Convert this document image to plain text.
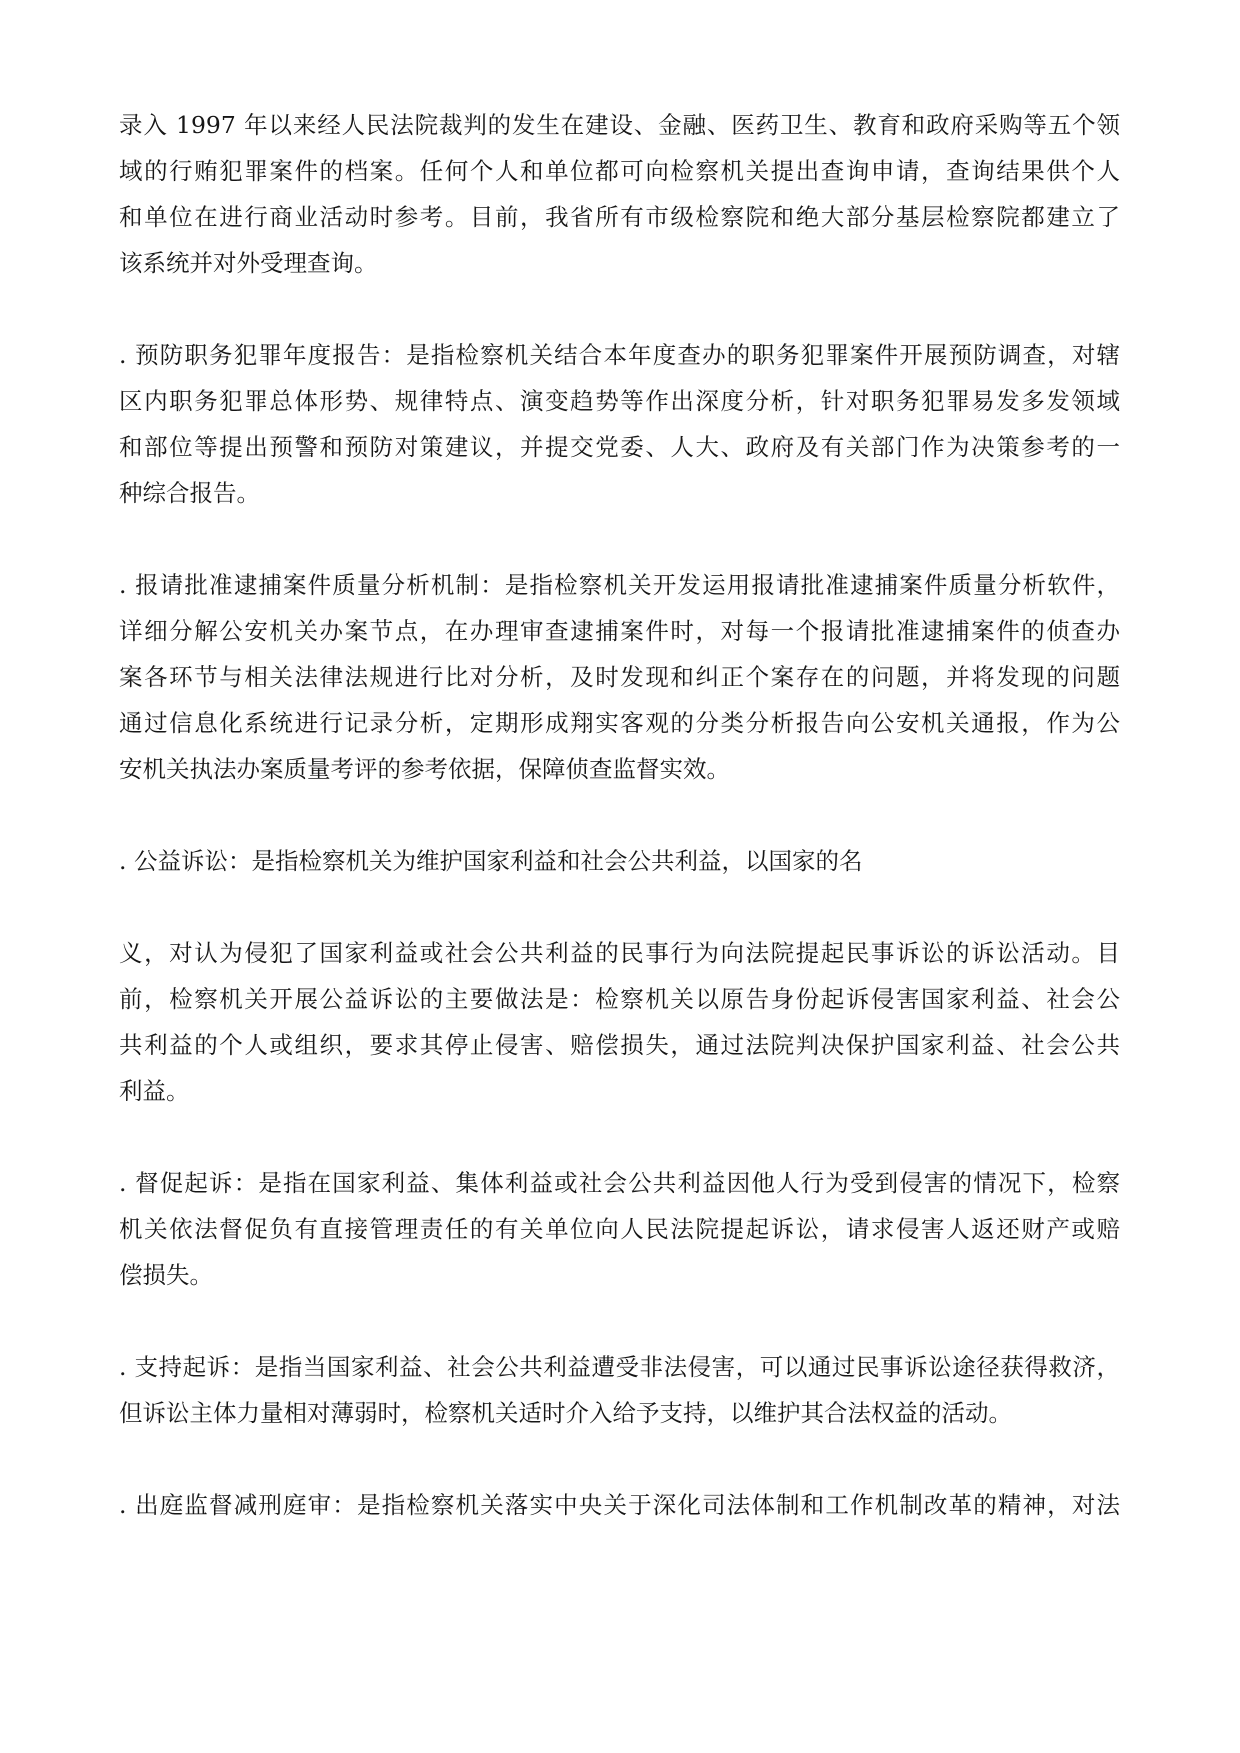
录入 1997 年以来经人民法院裁判的发生在建设、金融、医药卫生、教育和政府采购等五个领
域的行贿犯罪案件的档案。任何个人和单位都可向检察机关提出查询申请，查询结果供个人
和单位在进行商业活动时参考。目前，我省所有市级检察院和绝大部分基层检察院都建立了
该系统并对外受理查询。
. 预防职务犯罪年度报告：是指检察机关结合本年度查办的职务犯罪案件开展预防调查，对辖
区内职务犯罪总体形势、规律特点、演变趋势等作出深度分析，针对职务犯罪易发多发领域
和部位等提出预警和预防对策建议，并提交党委、人大、政府及有关部门作为决策参考的一
种综合报告。
. 报请批准逮捕案件质量分析机制：是指检察机关开发运用报请批准逮捕案件质量分析软件，
详细分解公安机关办案节点，在办理审查逮捕案件时，对每一个报请批准逮捕案件的侦查办
案各环节与相关法律法规进行比对分析，及时发现和纠正个案存在的问题，并将发现的问题
通过信息化系统进行记录分析，定期形成翔实客观的分类分析报告向公安机关通报，作为公
安机关执法办案质量考评的参考依据，保障侦查监督实效。
. 公益诉讼：是指检察机关为维护国家利益和社会公共利益，以国家的名
义，对认为侵犯了国家利益或社会公共利益的民事行为向法院提起民事诉讼的诉讼活动。目
前，检察机关开展公益诉讼的主要做法是：检察机关以原告身份起诉侵害国家利益、社会公
共利益的个人或组织，要求其停止侵害、赔偿损失，通过法院判决保护国家利益、社会公共
利益。
. 督促起诉：是指在国家利益、集体利益或社会公共利益因他人行为受到侵害的情况下，检察
机关依法督促负有直接管理责任的有关单位向人民法院提起诉讼，请求侵害人返还财产或赔
偿损失。
. 支持起诉：是指当国家利益、社会公共利益遭受非法侵害，可以通过民事诉讼途径获得救济，
但诉讼主体力量相对薄弱时，检察机关适时介入给予支持，以维护其合法权益的活动。
. 出庭监督减刑庭审：是指检察机关落实中央关于深化司法体制和工作机制改革的精神，对法
